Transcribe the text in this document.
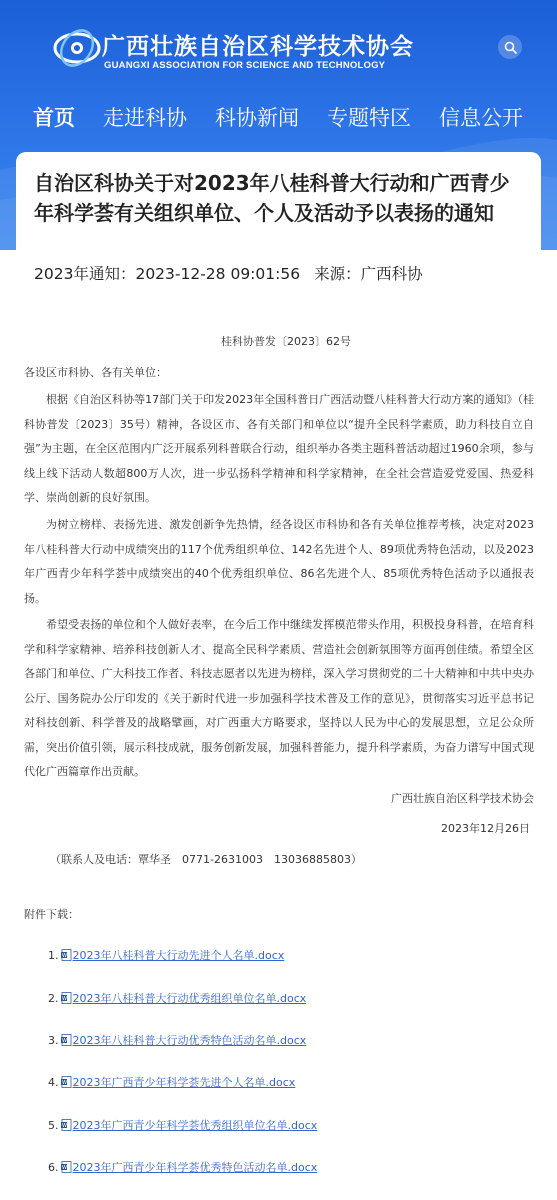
广西壮族自治区科学技术协会
GUANGXI ASSOCIATION FOR SCIENCE AND TECHNOLOGY
首页 走进科协 科协新闻 专题特区 信息公开
自治区科协关于对2023年八桂科普大行动和广西青少年科学荟有关组织单位、个人及活动予以表扬的通知
2023年通知：2023-12-28 09:01:56 来源：广西科协
桂科协普发〔2023〕62号
各设区市科协、各有关单位：

根据《自治区科协等17部门关于印发2023年全国科普日广西活动暨八桂科普大行动方案的通知》（桂科协普发〔2023〕35号）精神，各设区市、各有关部门和单位以“提升全民科学素质，助力科技自立自强”为主题，在全区范围内广泛开展系列科普联合行动，组织举办各类主题科普活动超过1960余项，参与线上线下活动人数超800万人次，进一步弘扬科学精神和科学家精神，在全社会营造爱党爱国、热爱科学、崇尚创新的良好氛围。

为树立榜样、表扬先进、激发创新争先热情，经各设区市科协和各有关单位推荐考核，决定对2023年八桂科普大行动中成绩突出的117个优秀组织单位、142名先进个人、89项优秀特色活动，以及2023年广西青少年科学荟中成绩突出的40个优秀组织单位、86名先进个人、85项优秀特色活动予以通报表扬。

希望受表扬的单位和个人做好表率，在今后工作中继续发挥模范带头作用，积极投身科普，在培育科学和科学家精神、培养科技创新人才、提高全民科学素质、营造社会创新氛围等方面再创佳绩。希望全区各部门和单位、广大科技工作者、科技志愿者以先进为榜样，深入学习贯彻党的二十大精神和中共中央办公厅、国务院办公厅印发的《关于新时代进一步加强科学技术普及工作的意见》，贯彻落实习近平总书记对科技创新、科学普及的战略擘画，对广西重大方略要求，坚持以人民为中心的发展思想，立足公众所需，突出价值引领，展示科技成就，服务创新发展，加强科普能力，提升科学素质，为奋力谱写中国式现代化广西篇章作出贡献。

广西壮族自治区科学技术协会
2023年12月26日
（联系人及电话：覃华圣　0771-2631003　13036885803）
附件下载：
1. W 2023年八桂科普大行动先进个人名单.docx
2. W 2023年八桂科普大行动优秀组织单位名单.docx
3. W 2023年八桂科普大行动优秀特色活动名单.docx
4. W 2023年广西青少年科学荟先进个人名单.docx
5. W 2023年广西青少年科学荟优秀组织单位名单.docx
6. W 2023年广西青少年科学荟优秀特色活动名单.docx
